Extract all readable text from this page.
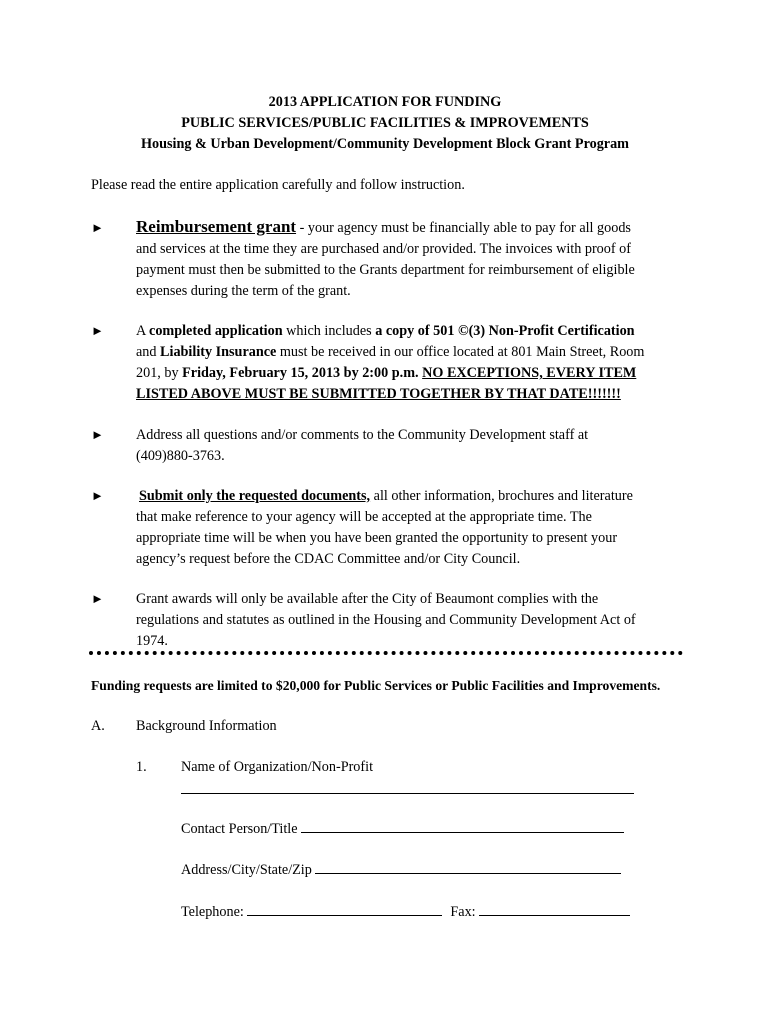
2013 APPLICATION FOR FUNDING
PUBLIC SERVICES/PUBLIC FACILITIES & IMPROVEMENTS
Housing & Urban Development/Community Development Block Grant Program
Please read the entire application carefully and follow instruction.
► Reimbursement grant - your agency must be financially able to pay for all goods
and services at the time they are purchased and/or provided. The invoices with proof of
payment must then be submitted to the Grants department for reimbursement of eligible
expenses during the term of the grant.
► A completed application which includes a copy of 501 ©(3) Non-Profit Certification
and Liability Insurance must be received in our office located at 801 Main Street, Room
201, by Friday, February 15, 2013 by 2:00 p.m. NO EXCEPTIONS, EVERY ITEM
LISTED ABOVE MUST BE SUBMITTED TOGETHER BY THAT DATE!!!!!!!
► Address all questions and/or comments to the Community Development staff at
(409)880-3763.
► Submit only the requested documents, all other information, brochures and literature
that make reference to your agency will be accepted at the appropriate time. The
appropriate time will be when you have been granted the opportunity to present your
agency’s request before the CDAC Committee and/or City Council.
► Grant awards will only be available after the City of Beaumont complies with the
regulations and statutes as outlined in the Housing and Community Development Act of
1974.
Funding requests are limited to $20,000 for Public Services or Public Facilities and Improvements.
A. Background Information
1. Name of Organization/Non-Profit
Contact Person/Title
Address/City/State/Zip
Telephone:	Fax:
